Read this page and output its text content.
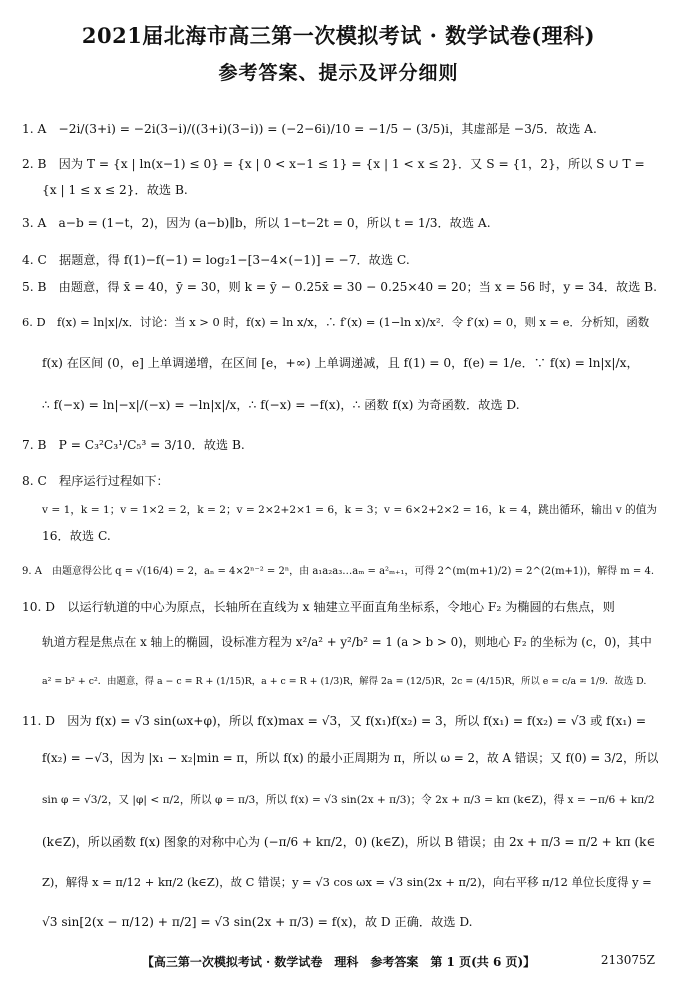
2021届北海市高三第一次模拟考试 · 数学试卷(理科)
参考答案、提示及评分细则
1. A　−2i/(3+i) = −2i(3−i)/((3+i)(3−i)) = (−2−6i)/10 = −1/5 − (3/5)i，其虚部是 −3/5．故选 A.
2. B　因为 T = {x | ln(x−1) ≤ 0} = {x | 0 < x−1 ≤ 1} = {x | 1 < x ≤ 2}．又 S = {1，2}，所以 S ∪ T =
{x | 1 ≤ x ≤ 2}．故选 B.
3. A　a−b = (1−t，2)，因为 (a−b)∥b，所以 1−t−2t = 0，所以 t = 1/3．故选 A.
4. C　据题意，得 f(1)−f(−1) = log₂1−[3−4×(−1)] = −7．故选 C.
5. B　由题意，得 x̄ = 40，ȳ = 30，则 k = ȳ − 0.25x̄ = 30 − 0.25×40 = 20；当 x = 56 时，y = 34．故选 B.
6. D　f(x) = ln|x|/x．讨论：当 x > 0 时，f(x) = ln x/x，∴ f′(x) = (1−ln x)/x²．令 f′(x) = 0，则 x = e．分析知，函数
f(x) 在区间 (0，e] 上单调递增，在区间 [e，+∞) 上单调递减，且 f(1) = 0，f(e) = 1/e．∵ f(x) = ln|x|/x，
∴ f(−x) = ln|−x|/(−x) = −ln|x|/x，∴ f(−x) = −f(x)，∴ 函数 f(x) 为奇函数．故选 D.
7. B　P = C₃²C₃¹/C₅³ = 3/10．故选 B.
8. C　程序运行过程如下：
v = 1，k = 1；v = 1×2 = 2，k = 2；v = 2×2+2×1 = 6，k = 3；v = 6×2+2×2 = 16，k = 4，跳出循环，输出 v 的值为
16．故选 C.
9. A　由题意得公比 q = √(16/4) = 2，aₙ = 4×2ⁿ⁻² = 2ⁿ，由 a₁a₂a₃…aₘ = a²ₘ₊₁，可得 2^(m(m+1)/2) = 2^(2(m+1))，解得 m = 4.
10. D　以运行轨道的中心为原点，长轴所在直线为 x 轴建立平面直角坐标系，令地心 F₂ 为椭圆的右焦点，则
轨道方程是焦点在 x 轴上的椭圆，设标准方程为 x²/a² + y²/b² = 1 (a > b > 0)，则地心 F₂ 的坐标为 (c，0)，其中
a² = b² + c²．由题意，得 a − c = R + (1/15)R，a + c = R + (1/3)R，解得 2a = (12/5)R，2c = (4/15)R，所以 e = c/a = 1/9．故选 D.
11. D　因为 f(x) = √3 sin(ωx+φ)，所以 f(x)max = √3，又 f(x₁)f(x₂) = 3，所以 f(x₁) = f(x₂) = √3 或 f(x₁) =
f(x₂) = −√3，因为 |x₁ − x₂|min = π，所以 f(x) 的最小正周期为 π，所以 ω = 2，故 A 错误；又 f(0) = 3/2，所以
sin φ = √3/2，又 |φ| < π/2，所以 φ = π/3，所以 f(x) = √3 sin(2x + π/3)；令 2x + π/3 = kπ (k∈Z)，得 x = −π/6 + kπ/2
(k∈Z)，所以函数 f(x) 图象的对称中心为 (−π/6 + kπ/2，0) (k∈Z)，所以 B 错误；由 2x + π/3 = π/2 + kπ (k∈
Z)，解得 x = π/12 + kπ/2 (k∈Z)，故 C 错误；y = √3 cos ωx = √3 sin(2x + π/2)，向右平移 π/12 单位长度得 y =
√3 sin[2(x − π/12) + π/2] = √3 sin(2x + π/3) = f(x)，故 D 正确．故选 D.
【高三第一次模拟考试 · 数学试卷　理科　参考答案　第 1 页(共 6 页)】	213075Z
